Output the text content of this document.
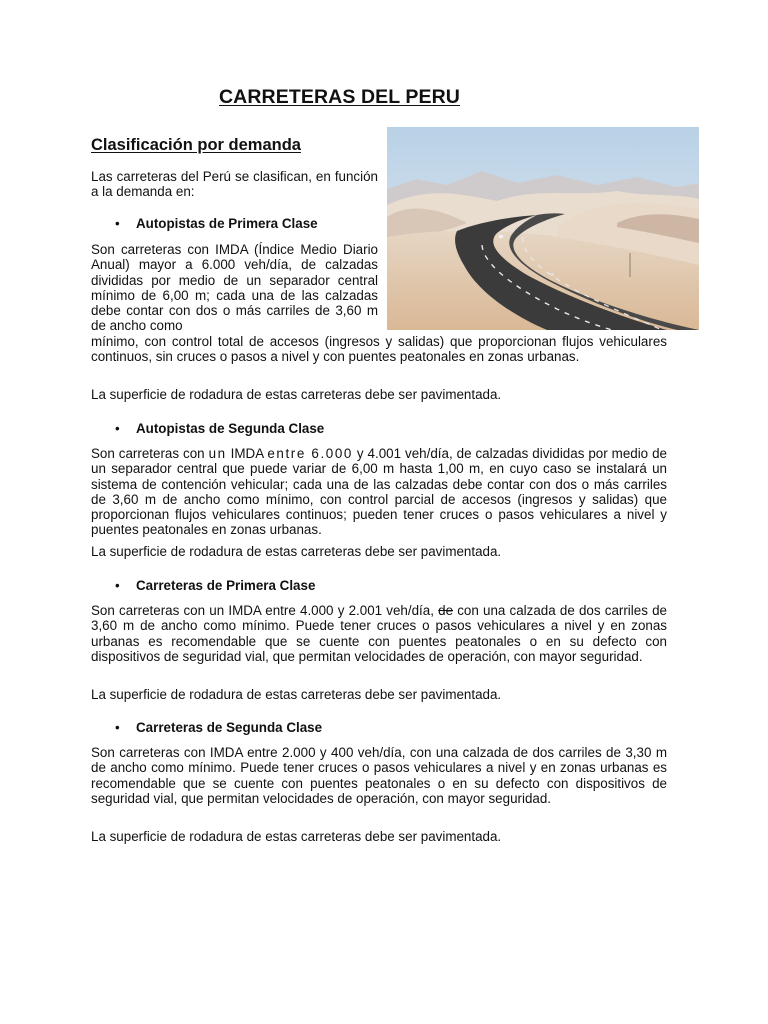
CARRETERAS DEL PERU
Clasificación por demanda
Las carreteras del Perú se clasifican, en función a la demanda en:
• Autopistas de Primera Clase
Son carreteras con IMDA (Índice Medio Diario Anual) mayor a 6.000 veh/día, de calzadas divididas por medio de un separador central mínimo de 6,00 m; cada una de las calzadas debe contar con dos o más carriles de 3,60 m de ancho como
mínimo, con control total de accesos (ingresos y salidas) que proporcionan flujos vehiculares continuos, sin cruces o pasos a nivel y con puentes peatonales en zonas urbanas.
La superficie de rodadura de estas carreteras debe ser pavimentada.
• Autopistas de Segunda Clase
Son carreteras con un IMDA entre 6.000 y 4.001 veh/día, de calzadas divididas por medio de un separador central que puede variar de 6,00 m hasta 1,00 m, en cuyo caso se instalará un sistema de contención vehicular; cada una de las calzadas debe contar con dos o más carriles de 3,60 m de ancho como mínimo, con control parcial de accesos (ingresos y salidas) que proporcionan flujos vehiculares continuos; pueden tener cruces o pasos vehiculares a nivel y puentes peatonales en zonas urbanas.
La superficie de rodadura de estas carreteras debe ser pavimentada.
• Carreteras de Primera Clase
Son carreteras con un IMDA entre 4.000 y 2.001 veh/día, de con una calzada de dos carriles de 3,60 m de ancho como mínimo. Puede tener cruces o pasos vehiculares a nivel y en zonas urbanas es recomendable que se cuente con puentes peatonales o en su defecto con dispositivos de seguridad vial, que permitan velocidades de operación, con mayor seguridad.
La superficie de rodadura de estas carreteras debe ser pavimentada.
• Carreteras de Segunda Clase
Son carreteras con IMDA entre 2.000 y 400 veh/día, con una calzada de dos carriles de 3,30 m de ancho como mínimo. Puede tener cruces o pasos vehiculares a nivel y en zonas urbanas es recomendable que se cuente con puentes peatonales o en su defecto con dispositivos de seguridad vial, que permitan velocidades de operación, con mayor seguridad.
La superficie de rodadura de estas carreteras debe ser pavimentada.
